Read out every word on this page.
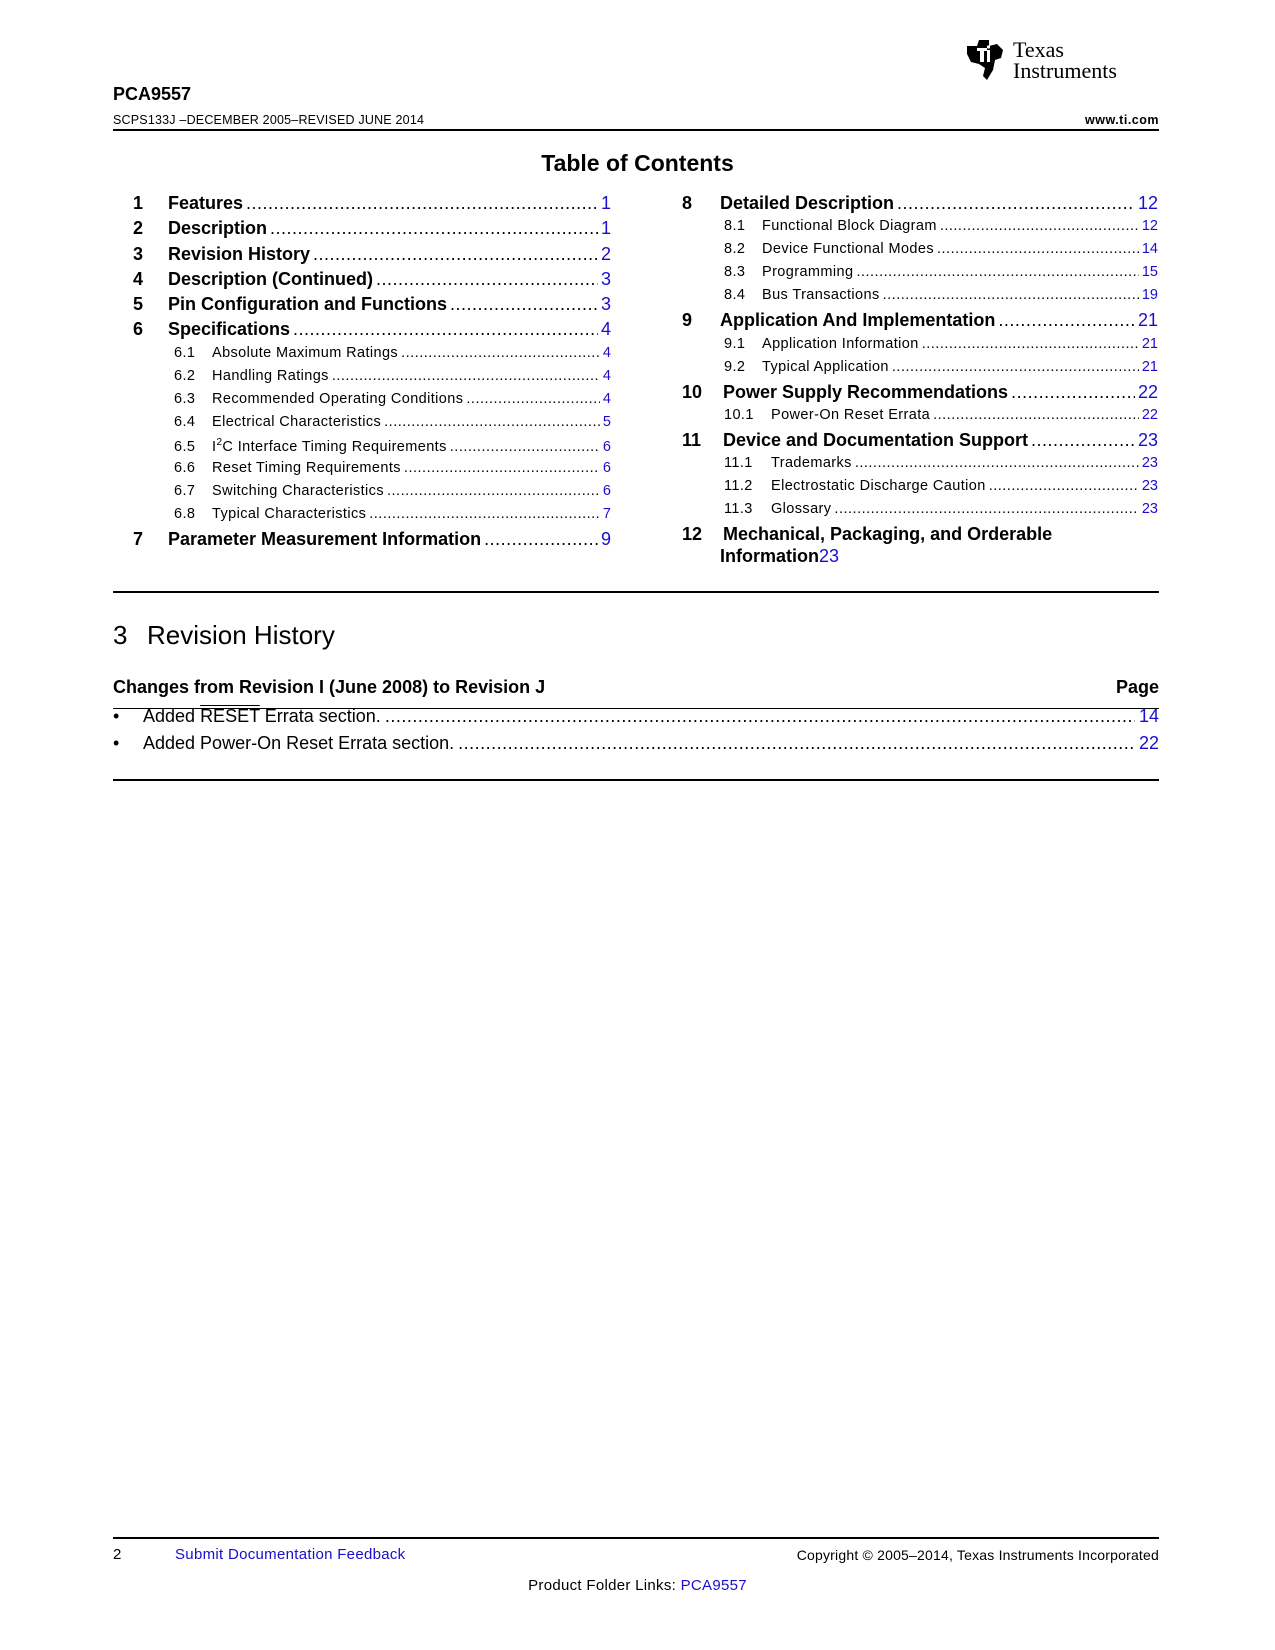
Texas
Instruments
PCA9557
SCPS133J –DECEMBER 2005–REVISED JUNE 2014	www.ti.com
Table of Contents
1	Features .....	1
2	Description .....	1
3	Revision History .....	2
4	Description (Continued) .....	3
5	Pin Configuration and Functions .....	3
6	Specifications .....	4
6.1	Absolute Maximum Ratings .....	4
6.2	Handling Ratings .....	4
6.3	Recommended Operating Conditions .....	4
6.4	Electrical Characteristics .....	5
6.5	$I^2C$ Interface Timing Requirements .....	6
6.6	Reset Timing Requirements .....	6
6.7	Switching Characteristics .....	6
6.8	Typical Characteristics .....	7
7	Parameter Measurement Information .....	9
8	Detailed Description .....	12
8.1	Functional Block Diagram .....	12
8.2	Device Functional Modes .....	14
8.3	Programming .....	15
8.4	Bus Transactions .....	19
9	Application And Implementation .....	21
9.1	Application Information .....	21
9.2	Typical Application .....	21
10	Power Supply Recommendations .....	22
10.1	Power-On Reset Errata .....	22
11	Device and Documentation Support .....	23
11.1	Trademarks .....	23
11.2	Electrostatic Discharge Caution .....	23
11.3	Glossary .....	23
12 Mechanical, Packaging, and Orderable
Information 23
3 Revision History
Changes from Revision I (June 2008) to Revision J	Page
•	Added RESET Errata section. .....	14
•	Added Power-On Reset Errata section. .....	22
2	Submit Documentation Feedback	Copyright © 2005–2014, Texas Instruments Incorporated
Product Folder Links: PCA9557
